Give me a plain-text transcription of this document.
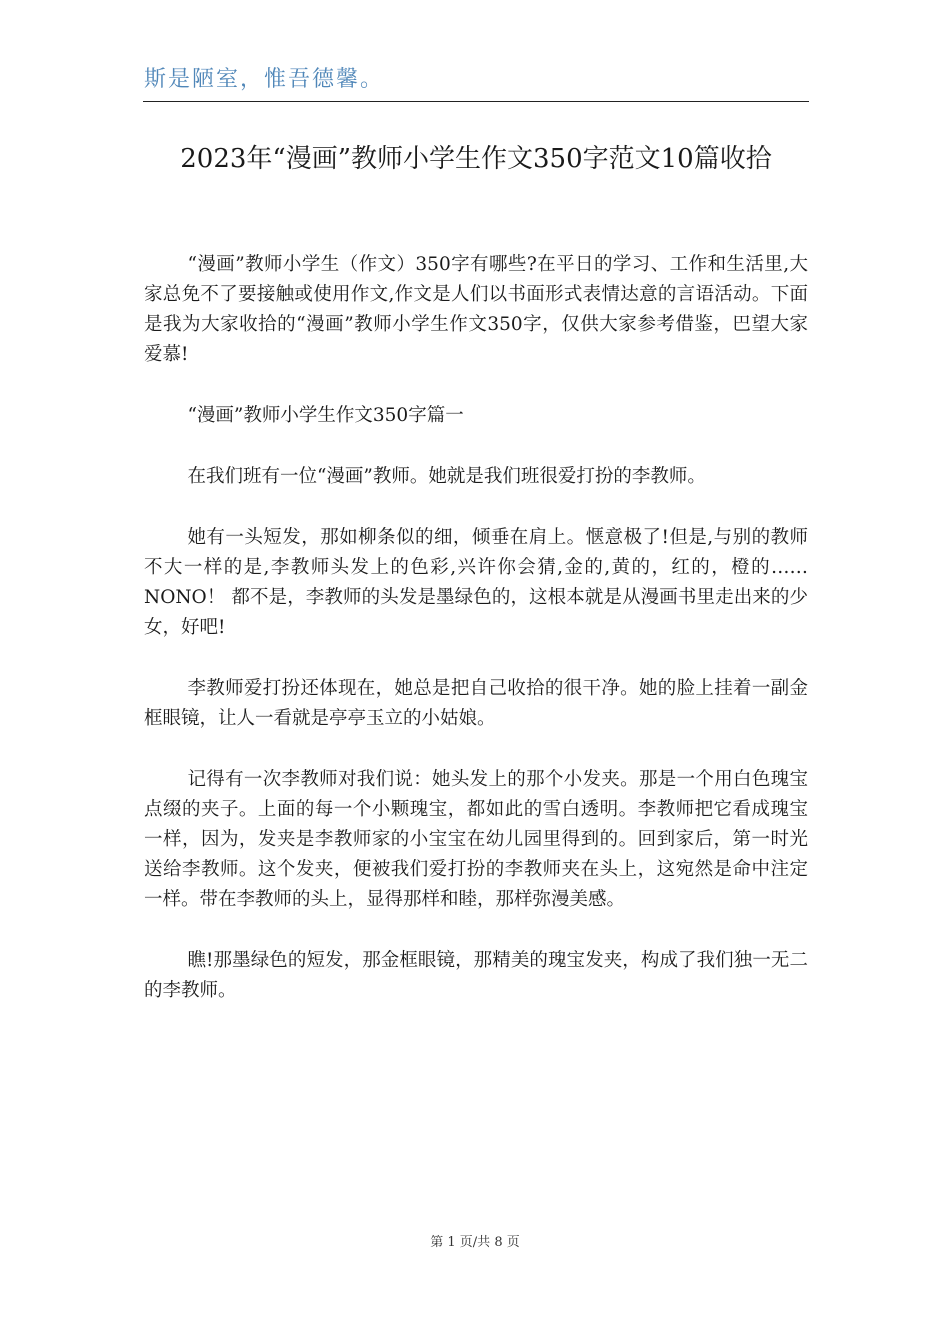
斯是陋室，惟吾德馨。
2023年“漫画”教师小学生作文350字范文10篇收拾

“漫画”教师小学生（作文）350字有哪些?在平日的学习、工作和生活里,大家总免不了要接触或使用作文,作文是人们以书面形式表情达意的言语活动。下面是我为大家收拾的“漫画”教师小学生作文350字，仅供大家参考借鉴，巴望大家爱慕!

“漫画”教师小学生作文350字篇一

在我们班有一位“漫画”教师。她就是我们班很爱打扮的李教师。

她有一头短发，那如柳条似的细，倾垂在肩上。惬意极了!但是,与别的教师不大一样的是,李教师头发上的色彩,兴许你会猜,金的,黄的，红的，橙的……NONO！ 都不是，李教师的头发是墨绿色的，这根本就是从漫画书里走出来的少女，好吧!

李教师爱打扮还体现在，她总是把自己收拾的很干净。她的脸上挂着一副金框眼镜，让人一看就是亭亭玉立的小姑娘。

记得有一次李教师对我们说：她头发上的那个小发夹。那是一个用白色瑰宝点缀的夹子。上面的每一个小颗瑰宝，都如此的雪白透明。李教师把它看成瑰宝一样，因为，发夹是李教师家的小宝宝在幼儿园里得到的。回到家后，第一时光送给李教师。这个发夹，便被我们爱打扮的李教师夹在头上，这宛然是命中注定一样。带在李教师的头上，显得那样和睦，那样弥漫美感。

瞧!那墨绿色的短发，那金框眼镜，那精美的瑰宝发夹，构成了我们独一无二的李教师。

第 1 页/共 8 页
